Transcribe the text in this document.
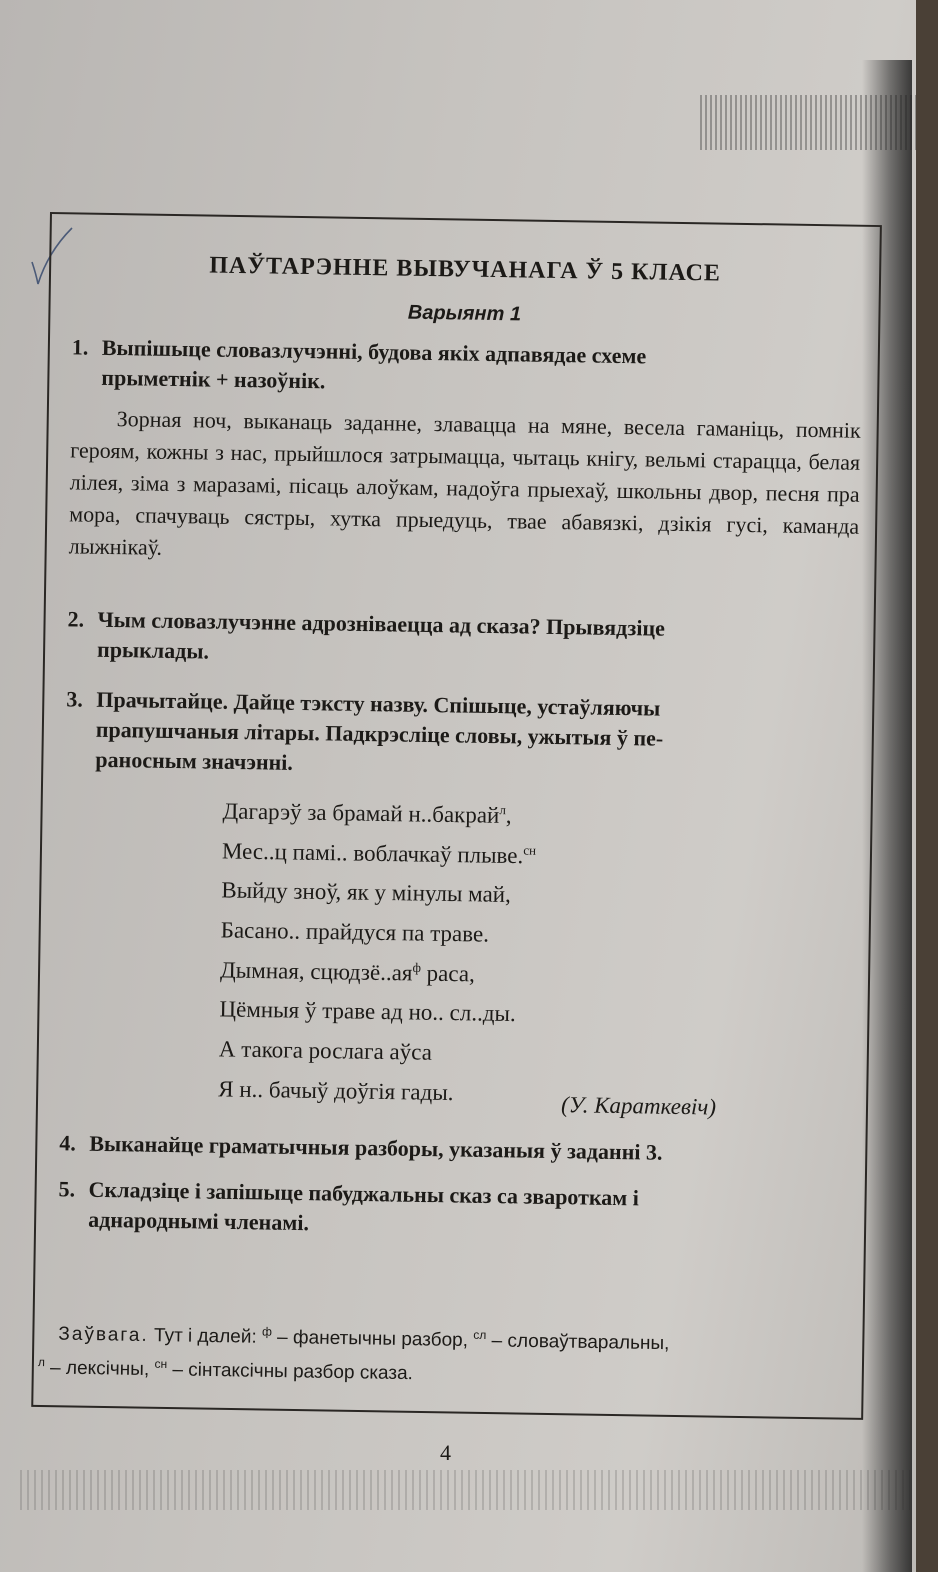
ПАЎТАРЭННЕ ВЫВУЧАНАГА Ў 5 КЛАСЕ
Варыянт 1
1. Выпішыце словазлучэнні, будова якіх адпавядае схеме
прыметнік + назоўнік.
Зорная ноч, выканаць заданне, злавацца на мяне, весела гаманіць, помнік героям, кожны з нас, прыйшлося затрымацца, чытаць кнігу, вельмі старацца, белая лілея, зіма з маразамі, пісаць алоўкам, надоўга прыехаў, школьны двор, песня пра мора, спачуваць сястры, хутка прыедуць, твае абавязкі, дзікія гусі, каманда лыжнікаў.
2. Чым словазлучэнне адрозніваецца ад сказа? Прывядзіце
прыклады.
3. Прачытайце. Дайце тэксту назву. Спішыце, устаўляючы
прапушчаныя літары. Падкрэсліце словы, ужытыя ў пе-
раносным значэнні.
Дагарэў за брамай н..бакрай$^л$,
Мес..ц памі.. воблачкаў плыве.$^{сн}$
Выйду зноў, як у мінулы май,
Басано.. прайдуся па траве.
Дымная, $сцюдзё..ая^ф$ раса,
Цёмныя ў траве ад но.. сл..ды.
А такога рослага аўса
Я н.. бачыў доўгія гады.
(У. Караткевіч)
4. Выканайце граматычныя разборы, указаныя ў заданні 3.
5. Складзіце і запішыце пабуджальны сказ са звароткам і
аднароднымі членамі.
Заўвага. Тут і далей: $^ф$ – фанетычны разбор, $^{сл}$ – словаўтваральны,
$^л$ – лексічны, $^{сн}$ – сінтаксічны разбор сказа.
4
